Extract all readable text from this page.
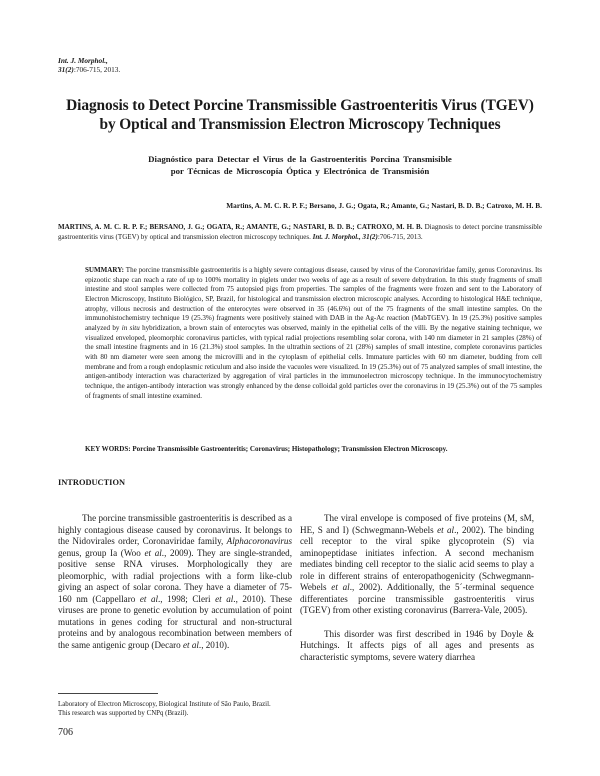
Int. J. Morphol.,
31(2):706-715, 2013.
Diagnosis to Detect Porcine Transmissible Gastroenteritis Virus (TGEV) by Optical and Transmission Electron Microscopy Techniques
Diagnóstico para Detectar el Virus de la Gastroenteritis Porcina Transmisible
por Técnicas de Microscopía Óptica y Electrónica de Transmisión
Martins, A. M. C. R. P. F.; Bersano, J. G.; Ogata, R.; Amante, G.; Nastari, B. D. B.; Catroxo, M. H. B.
MARTINS, A. M. C. R. P. F.; BERSANO, J. G.; OGATA, R.; AMANTE, G.; NASTARI, B. D. B.; CATROXO, M. H. B. Diagnosis to detect porcine transmissible gastroenteritis virus (TGEV) by optical and transmission electron microscopy techniques. Int. J. Morphol., 31(2):706-715, 2013.
SUMMARY: The porcine transmissible gastroenteritis is a highly severe contagious disease, caused by virus of the Coronaviridae family, genus Coronavirus. Its epizootic shape can reach a rate of up to 100% mortality in piglets under two weeks of age as a result of severe dehydration. In this study fragments of small intestine and stool samples were collected from 75 autopsied pigs from properties. The samples of the fragments were frozen and sent to the Laboratory of Electron Microscopy, Instituto Biológico, SP, Brazil, for histological and transmission electron microscopic analyses. According to histological H&E technique, atrophy, villous necrosis and destruction of the enterocytes were observed in 35 (46.6%) out of the 75 fragments of the small intestine samples. On the immunohistochemistry technique 19 (25.3%) fragments were positively stained with DAB in the Ag-Ac reaction (MabTGEV). In 19 (25.3%) positive samples analyzed by in situ hybridization, a brown stain of enterocytes was observed, mainly in the epithelial cells of the villi. By the negative staining technique, we visualized enveloped, pleomorphic coronavirus particles, with typical radial projections resembling solar corona, with 140 nm diameter in 21 samples (28%) of the small intestine fragments and in 16 (21.3%) stool samples. In the ultrathin sections of 21 (28%) samples of small intestine, complete coronavirus particles with 80 nm diameter were seen among the microvilli and in the cytoplasm of epithelial cells. Immature particles with 60 nm diameter, budding from cell membrane and from a rough endoplasmic reticulum and also inside the vacuoles were visualized. In 19 (25.3%) out of 75 analyzed samples of small intestine, the antigen-antibody interaction was characterized by aggregation of viral particles in the immunoelectron microscopy technique. In the immunocytochemistry technique, the antigen-antibody interaction was strongly enhanced by the dense colloidal gold particles over the coronavirus in 19 (25.3%) out of the 75 samples of fragments of small intestine examined.
KEY WORDS: Porcine Transmissible Gastroenteritis; Coronavirus; Histopathology; Transmission Electron Microscopy.
INTRODUCTION

The porcine transmissible gastroenteritis is described as a highly contagious disease caused by coronavirus. It belongs to the Nidovirales order, Coronaviridae family, Alphacoronavirus genus, group Ia (Woo et al., 2009). They are single-stranded, positive sense RNA viruses. Morphologically they are pleomorphic, with radial projections with a form like-club giving an aspect of solar corona. They have a diameter of 75-160 nm (Cappellaro et al., 1998; Cleri et al., 2010). These viruses are prone to genetic evolution by accumulation of point mutations in genes coding for structural and non-structural proteins and by analogous recombination between members of the same antigenic group (Decaro et al., 2010).

The viral envelope is composed of five proteins (M, sM, HE, S and I) (Schwegmann-Webels et al., 2002). The binding cell receptor to the viral spike glycoprotein (S) via aminopeptidase initiates infection. A second mechanism mediates binding cell receptor to the sialic acid seems to play a role in different strains of enteropathogenicity (Schwegmann-Webels et al., 2002). Additionally, the 5´-terminal sequence differentiates porcine transmissible gastroenteritis virus (TGEV) from other existing coronavirus (Barrera-Vale, 2005).

This disorder was first described in 1946 by Doyle & Hutchings. It affects pigs of all ages and presents as characteristic symptoms, severe watery diarrhea

Laboratory of Electron Microscopy, Biological Institute of São Paulo, Brazil.
This research was supported by CNPq (Brazil).
706
